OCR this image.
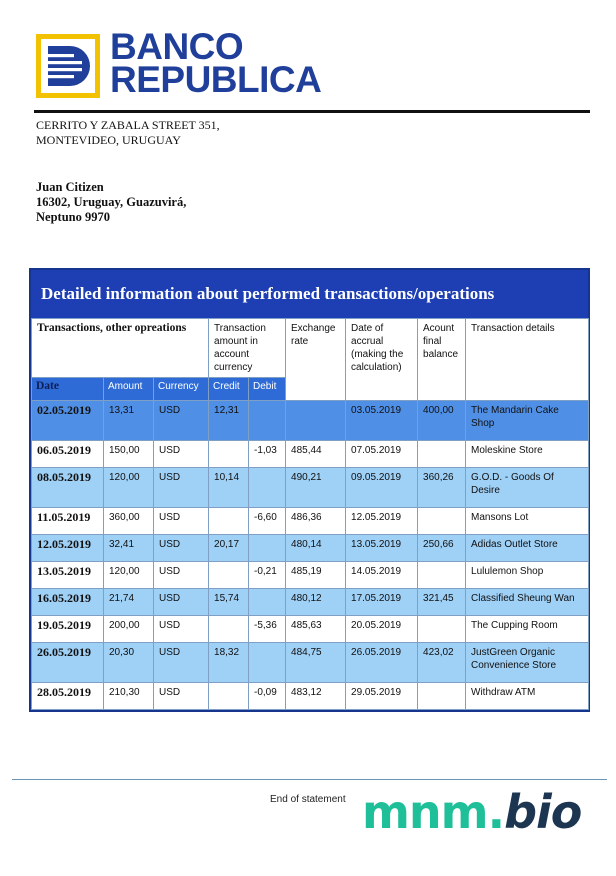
BANCO
REPUBLICA
CERRITO Y ZABALA STREET 351,
MONTEVIDEO, URUGUAY
Juan Citizen
16302, Uruguay, Guazuvirá,
Neptuno 9970
Detailed information about performed transactions/operations
Transactions, other opreations			Transaction amount in account currency		Exchange rate	Date of accrual (making the calculation)	Acount final balance	Transaction details
Date	Amount	Currency	Credit	Debit				
02.05.2019	13,31	USD	12,31			03.05.2019	400,00	The Mandarin Cake Shop
06.05.2019	150,00	USD		-1,03	485,44	07.05.2019		Moleskine Store
08.05.2019	120,00	USD	10,14		490,21	09.05.2019	360,26	G.O.D. - Goods Of Desire
11.05.2019	360,00	USD		-6,60	486,36	12.05.2019		Mansons Lot
12.05.2019	32,41	USD	20,17		480,14	13.05.2019	250,66	Adidas Outlet Store
13.05.2019	120,00	USD		-0,21	485,19	14.05.2019		Lululemon Shop
16.05.2019	21,74	USD	15,74		480,12	17.05.2019	321,45	Classified Sheung Wan
19.05.2019	200,00	USD		-5,36	485,63	20.05.2019		The Cupping Room
26.05.2019	20,30	USD	18,32		484,75	26.05.2019	423,02	JustGreen Organic Convenience Store
28.05.2019	210,30	USD		-0,09	483,12	29.05.2019		Withdraw ATM
End of statement mnm.bio
